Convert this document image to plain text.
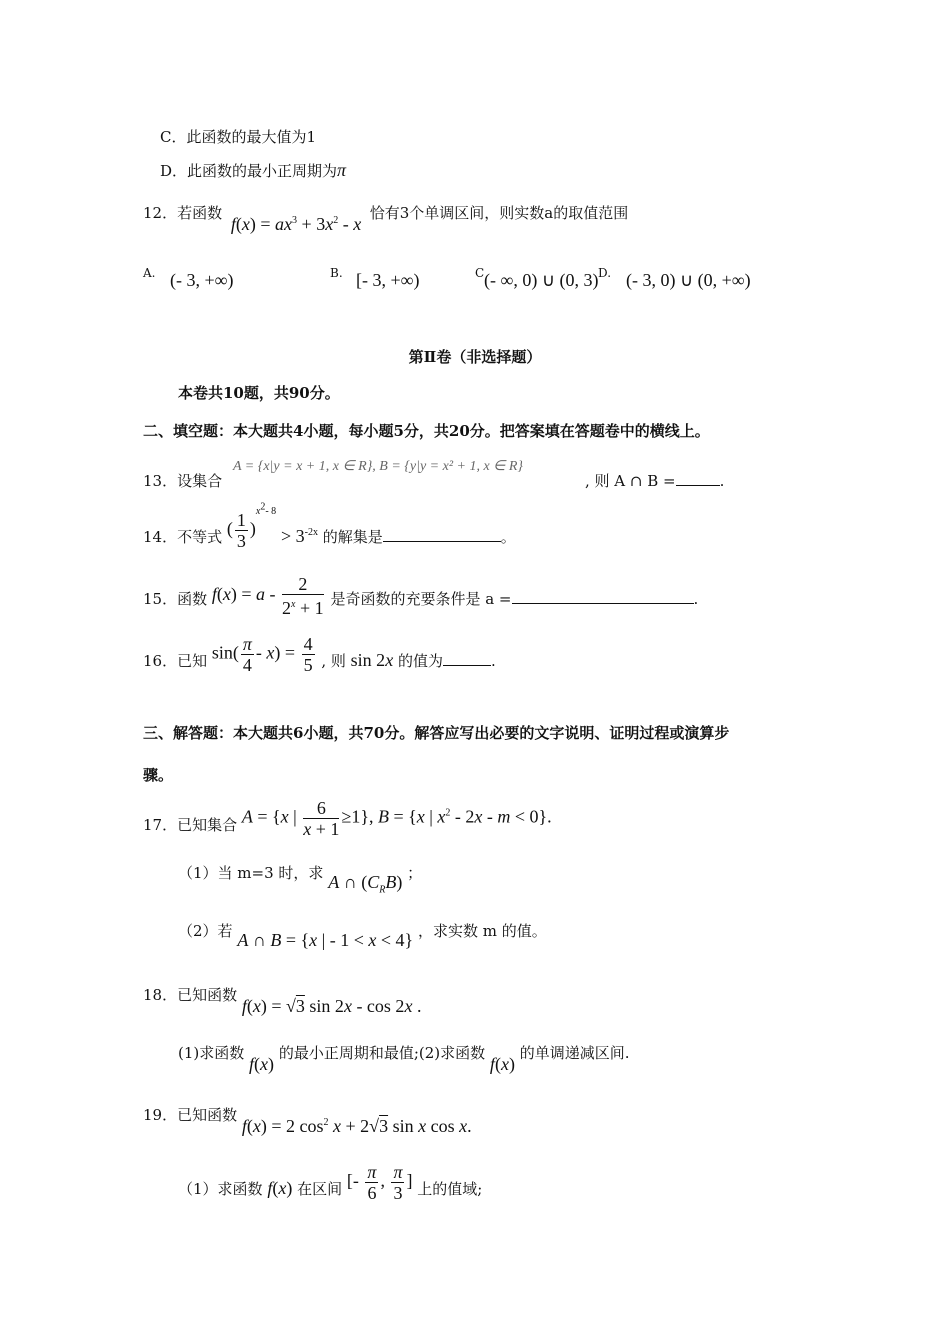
C．此函数的最大值为1
D．此函数的最小正周期为π
12．若函数 $f(x) = ax^3 + 3x^2 - x$ 恰有3个单调区间，则实数a的取值范围
A. (- 3, +∞)	B. [- 3, +∞)	C (- ∞, 0) ∪ (0, 3) D. (- 3, 0) ∪ (0, +∞)
第Ⅱ卷（非选择题）
本卷共10题，共90分。
二、填空题：本大题共4小题，每小题5分，共20分。把答案填在答题卷中的横线上。
13．设集合
A = {x|y = x + 1, x ∈ R}, B = {y|y = x² + 1, x ∈ R}
, 则 A ∩ B =	.
14．不等式 ( $\frac{1}{3} )^{x^2- 8} > 3^{-2x}$ 的解集是	。
15．函数 $f(x) = a - \frac{2}{2^x + 1}$ 是奇函数的充要条件是 a =	.
16．已知 $\sin( \frac{\pi}{4} - x) = \frac{4}{5}$ , 则 sin 2x 的值为	.
三、解答题：本大题共6小题，共70分。解答应写出必要的文字说明、证明过程或演算步
骤。
17．已知集合 A = {x | $\frac{6}{x + 1} \ge 1$}, B = {x | $x^2 - 2x - m < 0$}.
（1）当 m=3 时，求 A ∩ $(C_RB)$ ；
（2）若 A ∩ B = {x | - 1 < x < 4} ，求实数 m 的值。
18．已知函数 f(x) = √3 sin 2x - cos 2x .
(1)求函数 f(x) 的最小正周期和最值;(2)求函数 f(x) 的单调递减区间.
19．已知函数 f(x) = 2 $\cos^2 x + 2√3$ sin x cos x.
（1）求函数 f(x) 在区间 [- $\frac{\pi}{6}$ , $\frac{\pi}{3}$ ] 上的值域;
